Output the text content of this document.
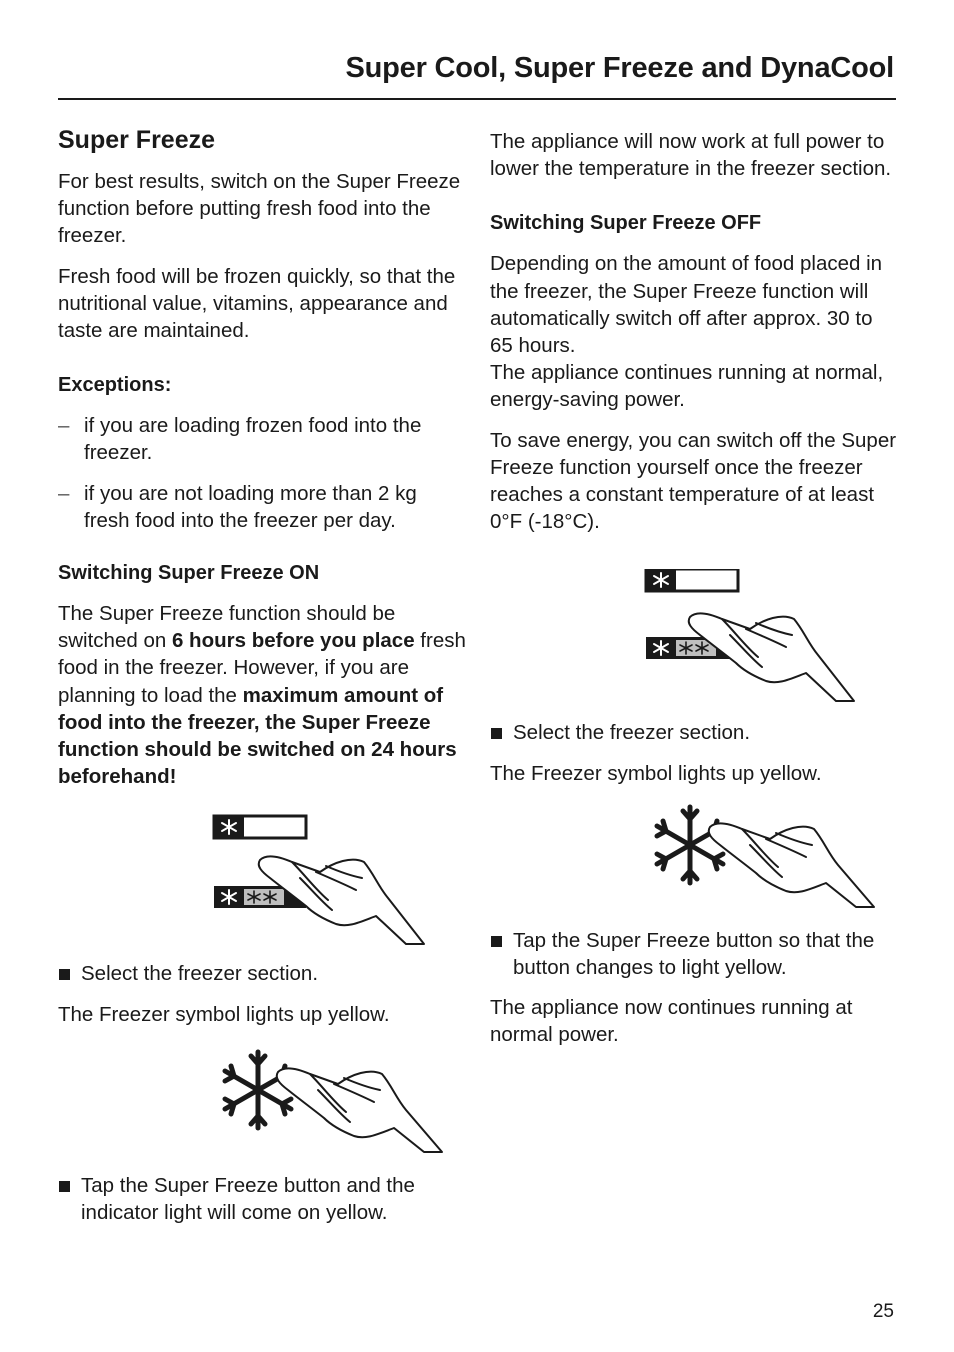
Super Cool, Super Freeze and DynaCool
Super Freeze
For best results, switch on the Super Freeze function before putting fresh food into the freezer.
Fresh food will be frozen quickly, so that the nutritional value, vitamins, appearance and taste are maintained.
Exceptions:
– if you are loading frozen food into the freezer.
– if you are not loading more than 2 kg fresh food into the freezer per day.
Switching Super Freeze ON
The Super Freeze function should be switched on 6 hours before you place fresh food in the freezer. However, if you are planning to load the maximum amount of food into the freezer, the Super Freeze function should be switched on 24 hours beforehand!
Select the freezer section.
The Freezer symbol lights up yellow.
Tap the Super Freeze button and the indicator light will come on yellow.
The appliance will now work at full power to lower the temperature in the freezer section.
Switching Super Freeze OFF
Depending on the amount of food placed in the freezer, the Super Freeze function will automatically switch off after approx. 30 to 65 hours.
The appliance continues running at normal, energy-saving power.
To save energy, you can switch off the Super Freeze function yourself once the freezer reaches a constant temperature of at least 0°F (-18°C).
Select the freezer section.
The Freezer symbol lights up yellow.
Tap the Super Freeze button so that the button changes to light yellow.
The appliance now continues running at normal power.
25
